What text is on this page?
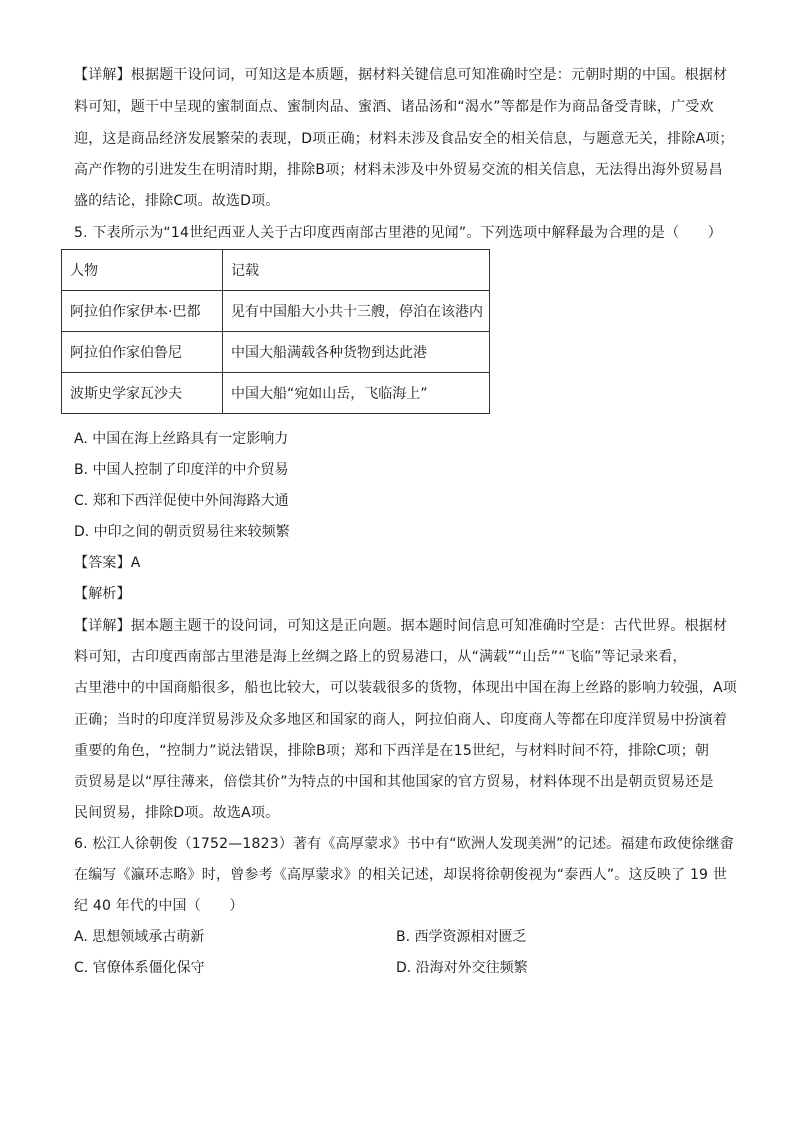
【详解】根据题干设问词，可知这是本质题，据材料关键信息可知准确时空是：元朝时期的中国。根据材
料可知，题干中呈现的蜜制面点、蜜制肉品、蜜酒、诸品汤和“渴水”等都是作为商品备受青睐，广受欢
迎，这是商品经济发展繁荣的表现，D项正确；材料未涉及食品安全的相关信息，与题意无关，排除A项；
高产作物的引进发生在明清时期，排除B项；材料未涉及中外贸易交流的相关信息，无法得出海外贸易昌
盛的结论，排除C项。故选D项。
5. 下表所示为“14世纪西亚人关于古印度西南部古里港的见闻”。下列选项中解释最为合理的是（　　）
人物	记载
阿拉伯作家伊本·巴都	见有中国船大小共十三艘，停泊在该港内
阿拉伯作家伯鲁尼	中国大船满载各种货物到达此港
波斯史学家瓦沙夫	中国大船“宛如山岳，飞临海上”
A. 中国在海上丝路具有一定影响力
B. 中国人控制了印度洋的中介贸易
C. 郑和下西洋促使中外间海路大通
D. 中印之间的朝贡贸易往来较频繁
【答案】A
【解析】
【详解】据本题主题干的设问词，可知这是正向题。据本题时间信息可知准确时空是：古代世界。根据材
料可知，古印度西南部古里港是海上丝绸之路上的贸易港口，从“满载”“山岳”“飞临”等记录来看，
古里港中的中国商船很多，船也比较大，可以装载很多的货物，体现出中国在海上丝路的影响力较强，A项
正确；当时的印度洋贸易涉及众多地区和国家的商人，阿拉伯商人、印度商人等都在印度洋贸易中扮演着
重要的角色，“控制力”说法错误，排除B项；郑和下西洋是在15世纪，与材料时间不符，排除C项；朝
贡贸易是以“厚往薄来，倍偿其价”为特点的中国和其他国家的官方贸易，材料体现不出是朝贡贸易还是
民间贸易，排除D项。故选A项。
6. 松江人徐朝俊（1752—1823）著有《高厚蒙求》书中有“欧洲人发现美洲”的记述。福建布政使徐继畬
在编写《瀛环志略》时，曾参考《高厚蒙求》的相关记述，却误将徐朝俊视为“泰西人”。这反映了 19 世
纪 40 年代的中国（　　）
A. 思想领域承古萌新	B. 西学资源相对匮乏
C. 官僚体系僵化保守	D. 沿海对外交往频繁
